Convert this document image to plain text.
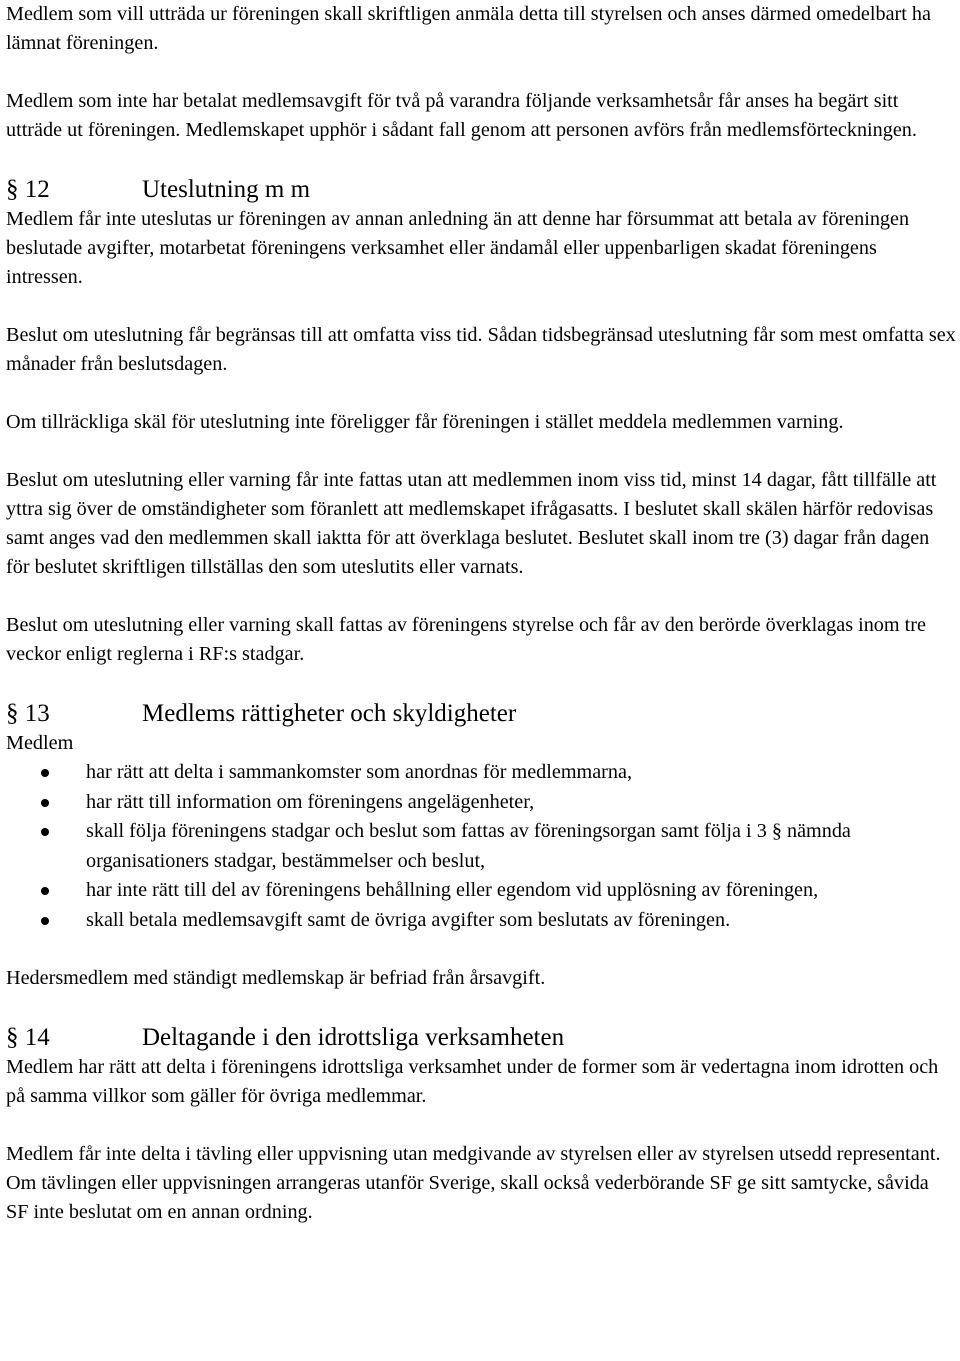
Medlem som vill utträda ur föreningen skall skriftligen anmäla detta till styrelsen och anses därmed omedelbart ha lämnat föreningen.

Medlem som inte har betalat medlemsavgift för två på varandra följande verksamhetsår får anses ha begärt sitt utträde ut föreningen. Medlemskapet upphör i sådant fall genom att personen avförs från medlemsförteckningen.

§ 12	Uteslutning m m

Medlem får inte uteslutas ur föreningen av annan anledning än att denne har försummat att betala av föreningen beslutade avgifter, motarbetat föreningens verksamhet eller ändamål eller uppenbarligen skadat föreningens intressen.

Beslut om uteslutning får begränsas till att omfatta viss tid. Sådan tidsbegränsad uteslutning får som mest omfatta sex månader från beslutsdagen.

Om tillräckliga skäl för uteslutning inte föreligger får föreningen i stället meddela medlemmen varning.

Beslut om uteslutning eller varning får inte fattas utan att medlemmen inom viss tid, minst 14 dagar, fått tillfälle att yttra sig över de omständigheter som föranlett att medlemskapet ifrågasatts. I beslutet skall skälen härför redovisas samt anges vad den medlemmen skall iaktta för att överklaga beslutet. Beslutet skall inom tre (3) dagar från dagen för beslutet skriftligen tillställas den som uteslutits eller varnats.

Beslut om uteslutning eller varning skall fattas av föreningens styrelse och får av den berörde överklagas inom tre veckor enligt reglerna i RF:s stadgar.

§ 13	Medlems rättigheter och skyldigheter

Medlem

har rätt att delta i sammankomster som anordnas för medlemmarna,
har rätt till information om föreningens angelägenheter,
skall följa föreningens stadgar och beslut som fattas av föreningsorgan samt följa i 3 § nämnda organisationers stadgar, bestämmelser och beslut,
har inte rätt till del av föreningens behållning eller egendom vid upplösning av föreningen,
skall betala medlemsavgift samt de övriga avgifter som beslutats av föreningen.

Hedersmedlem med ständigt medlemskap är befriad från årsavgift.

§ 14	Deltagande i den idrottsliga verksamheten

Medlem har rätt att delta i föreningens idrottsliga verksamhet under de former som är vedertagna inom idrotten och på samma villkor som gäller för övriga medlemmar.

Medlem får inte delta i tävling eller uppvisning utan medgivande av styrelsen eller av styrelsen utsedd representant. Om tävlingen eller uppvisningen arrangeras utanför Sverige, skall också vederbörande SF ge sitt samtycke, såvida SF inte beslutat om en annan ordning.
